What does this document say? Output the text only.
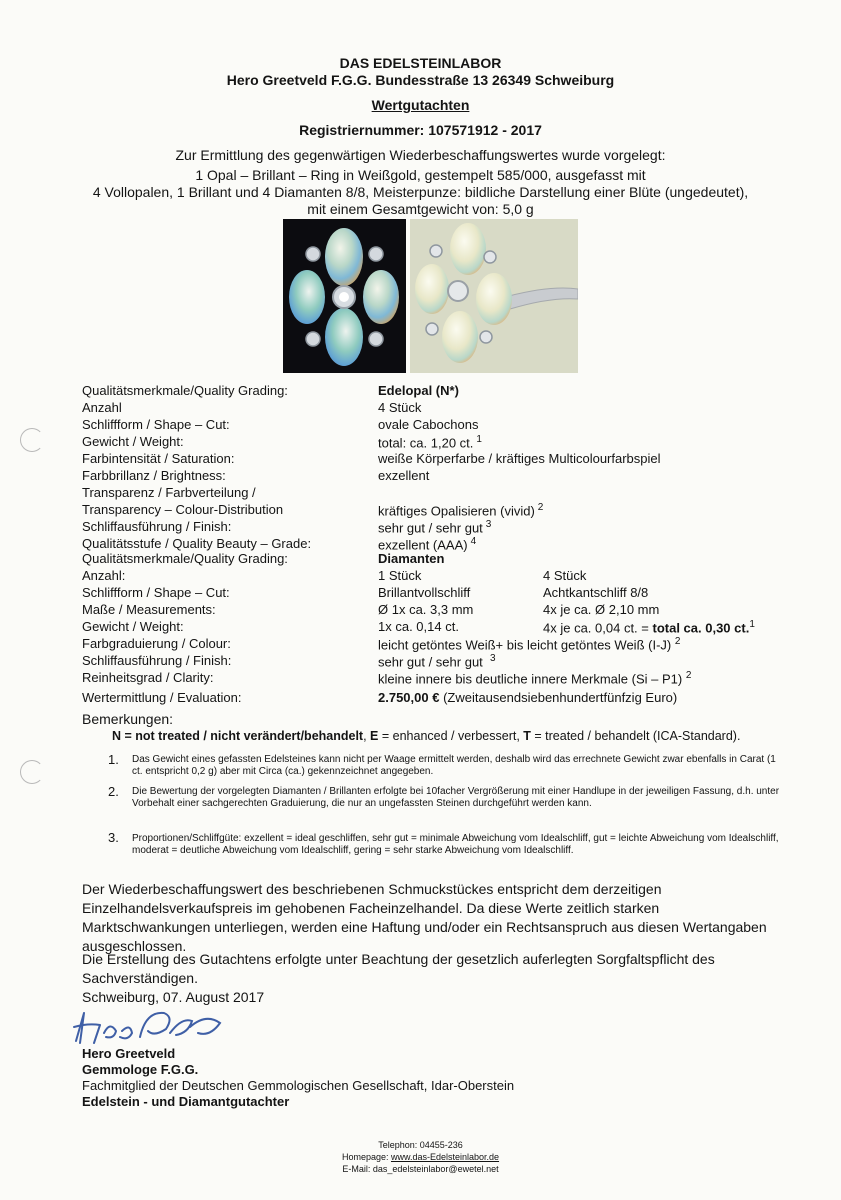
DAS EDELSTEINLABOR
Hero Greetveld F.G.G. Bundesstraße 13 26349 Schweiburg
Wertgutachten
Registriernummer: 107571912 - 2017
Zur Ermittlung des gegenwärtigen Wiederbeschaffungswertes wurde vorgelegt:
1 Opal – Brillant – Ring in Weißgold, gestempelt 585/000, ausgefasst mit
4 Vollopalen, 1 Brillant und 4 Diamanten 8/8, Meisterpunze: bildliche Darstellung einer Blüte (ungedeutet),
mit einem Gesamtgewicht von: 5,0 g
Qualitätsmerkmale/Quality Grading:	Edelopal (N*)
Anzahl	4 Stück
Schliffform / Shape – Cut:	ovale Cabochons
Gewicht / Weight:	total: ca. 1,20 ct. $^1$
Farbintensität / Saturation:	weiße Körperfarbe / kräftiges Multicolourfarbspiel
Farbbrillanz / Brightness:	exzellent
Transparenz / Farbverteilung /
Transparency – Colour-Distribution	kräftiges Opalisieren (vivid) $^2$
Schliffausführung / Finish:	sehr gut / sehr gut $^3$
Qualitätsstufe / Quality Beauty – Grade:	exzellent (AAA) $^4$
Qualitätsmerkmale/Quality Grading:	Diamanten
Anzahl:	1 Stück	4 Stück
Schliffform / Shape – Cut:	Brillantvollschliff	Achtkantschliff 8/8
Maße / Measurements:	Ø 1x ca. 3,3 mm	4x je ca. Ø 2,10 mm
Gewicht / Weight:	1x ca. 0,14 ct.	4x je ca. 0,04 ct. = total ca. 0,30 ct.$^1$
Farbgraduierung / Colour:	leicht getöntes Weiß+ bis leicht getöntes Weiß (I-J) $^2$
Schliffausführung / Finish:	sehr gut / sehr gut $^3$
Reinheitsgrad / Clarity:	kleine innere bis deutliche innere Merkmale (Si – P1) $^2$
Wertermittlung / Evaluation:	2.750,00 € (Zweitausendsiebenhundertfünfzig Euro)
Bemerkungen:
N = not treated / nicht verändert/behandelt, E = enhanced / verbessert, T = treated / behandelt (ICA-Standard).
1. Das Gewicht eines gefassten Edelsteines kann nicht per Waage ermittelt werden, deshalb wird das errechnete Gewicht zwar ebenfalls in Carat (1 ct. entspricht 0,2 g) aber mit Circa (ca.) gekennzeichnet angegeben.
2. Die Bewertung der vorgelegten Diamanten / Brillanten erfolgte bei 10facher Vergrößerung mit einer Handlupe in der jeweiligen Fassung, d.h. unter Vorbehalt einer sachgerechten Graduierung, die nur an ungefassten Steinen durchgeführt werden kann.
3. Proportionen/Schliffgüte: exzellent = ideal geschliffen, sehr gut = minimale Abweichung vom Idealschliff, gut = leichte Abweichung vom Idealschliff, moderat = deutliche Abweichung vom Idealschliff, gering = sehr starke Abweichung vom Idealschliff.
Der Wiederbeschaffungswert des beschriebenen Schmuckstückes entspricht dem derzeitigen Einzelhandelsverkaufspreis im gehobenen Facheinzelhandel. Da diese Werte zeitlich starken Marktschwankungen unterliegen, werden eine Haftung und/oder ein Rechtsanspruch aus diesen Wertangaben ausgeschlossen.
Die Erstellung des Gutachtens erfolgte unter Beachtung der gesetzlich auferlegten Sorgfaltspflicht des Sachverständigen.
Schweiburg, 07. August 2017
Hero Greetveld
Gemmologe F.G.G.
Fachmitglied der Deutschen Gemmologischen Gesellschaft, Idar-Oberstein
Edelstein - und Diamantgutachter
Telephon: 04455-236
Homepage: www.das-Edelsteinlabor.de
E-Mail: das_edelsteinlabor@ewetel.net
